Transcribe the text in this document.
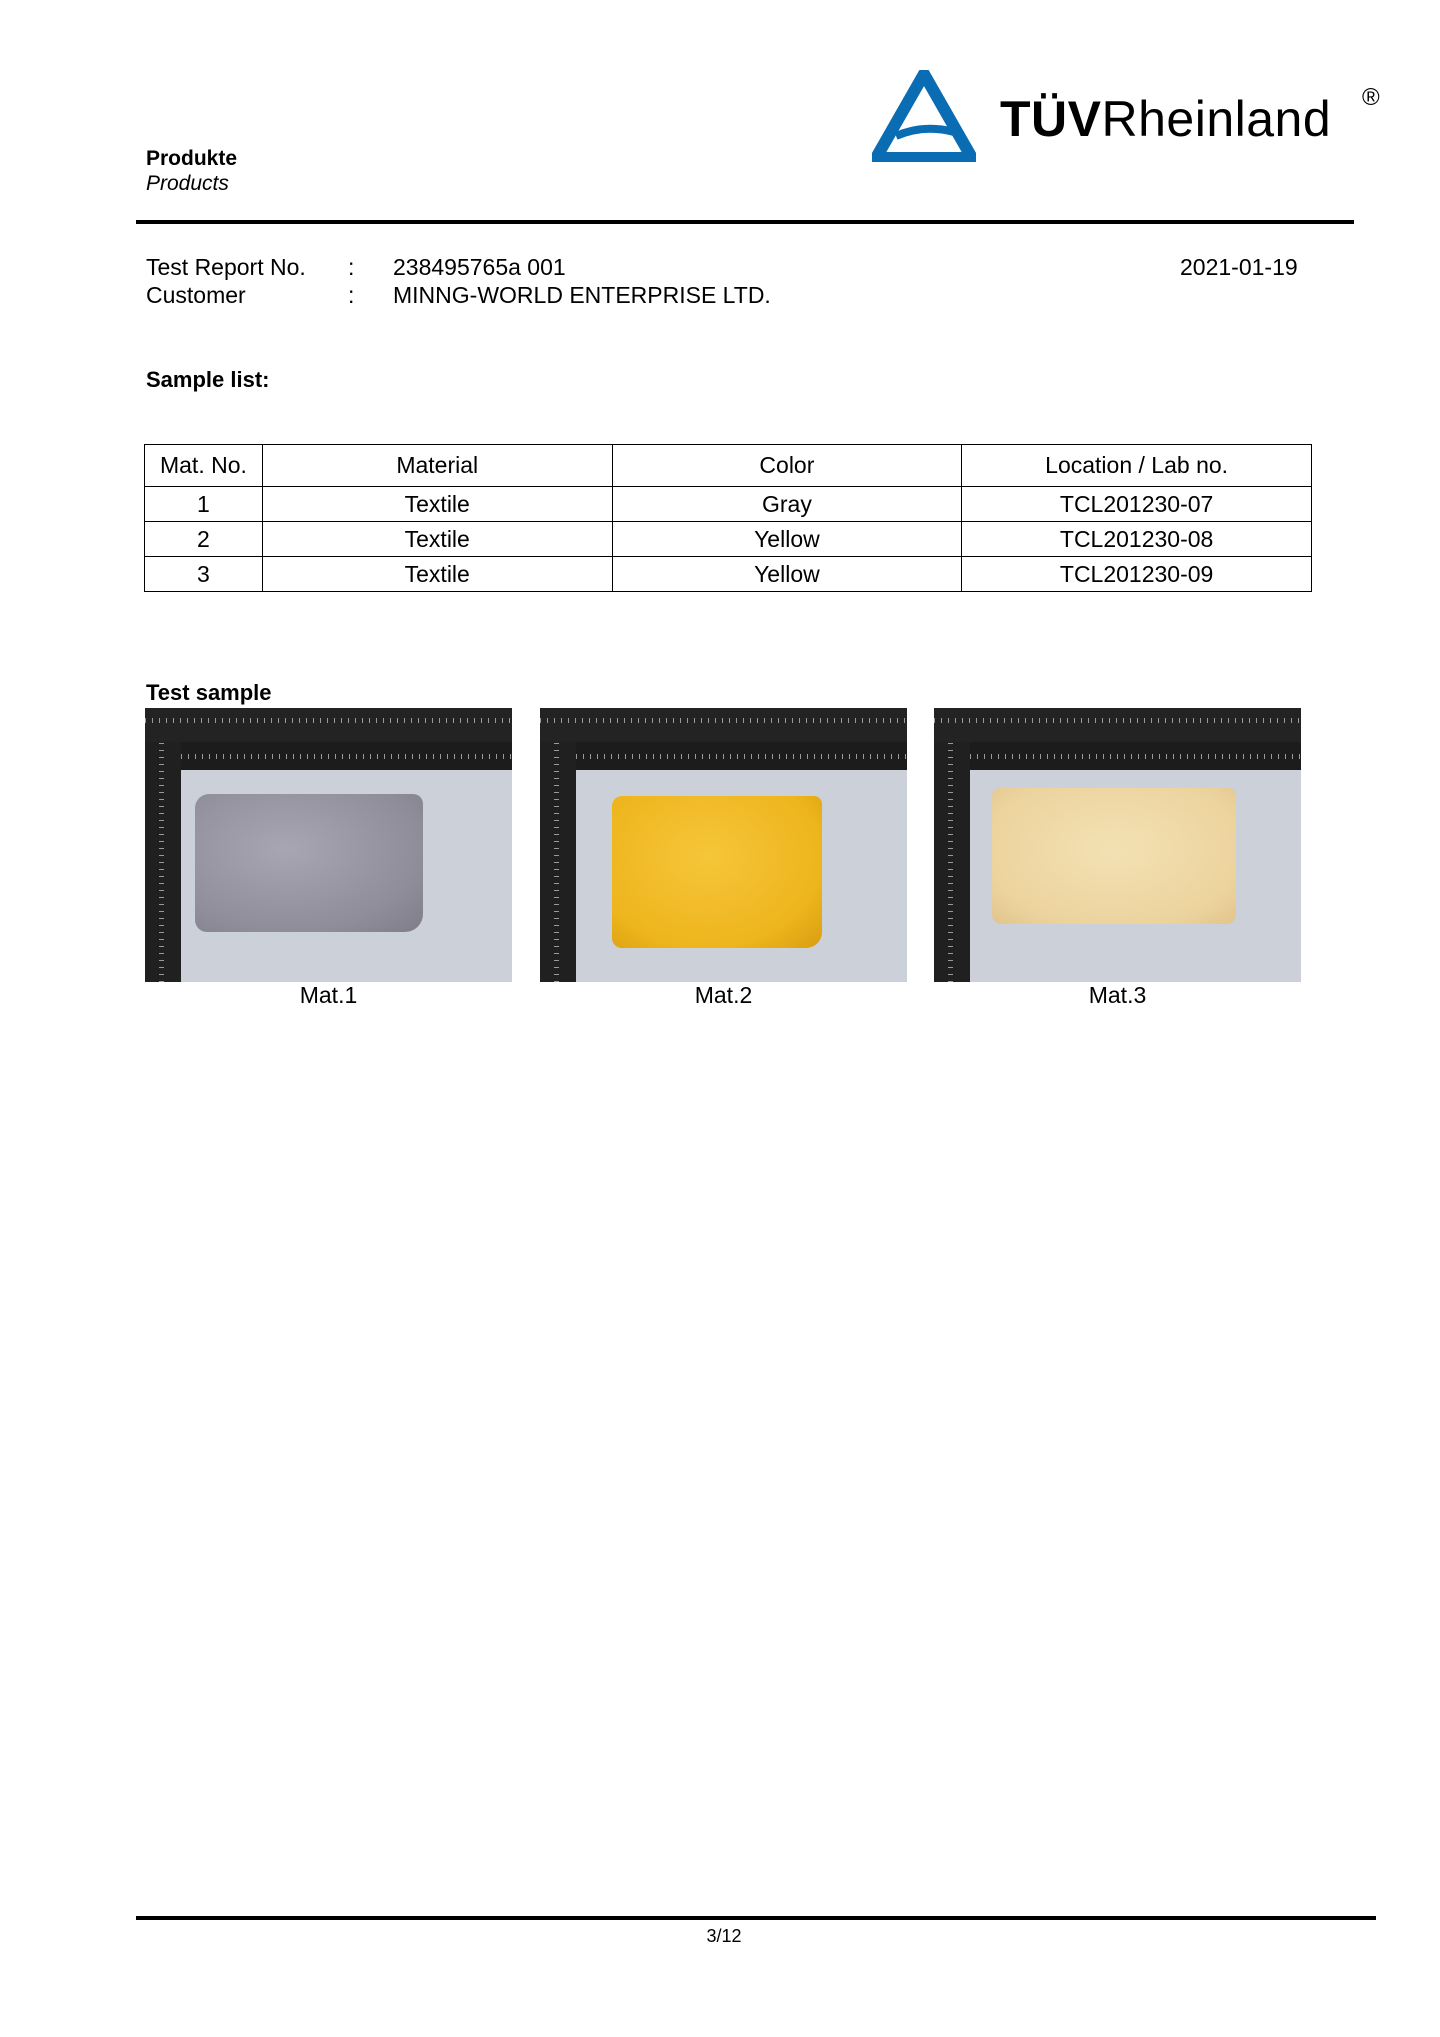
Produkte
Products
TÜVRheinland ®
Test Report No. : 238495765a 001	2021-01-19
Customer	: MINNG-WORLD ENTERPRISE LTD.
Sample list:
Mat. No.	Material	Color	Location / Lab no.
1	Textile	Gray	TCL201230-07
2	Textile	Yellow	TCL201230-08
3	Textile	Yellow	TCL201230-09
Test sample
Mat.1	Mat.2	Mat.3
3/12
